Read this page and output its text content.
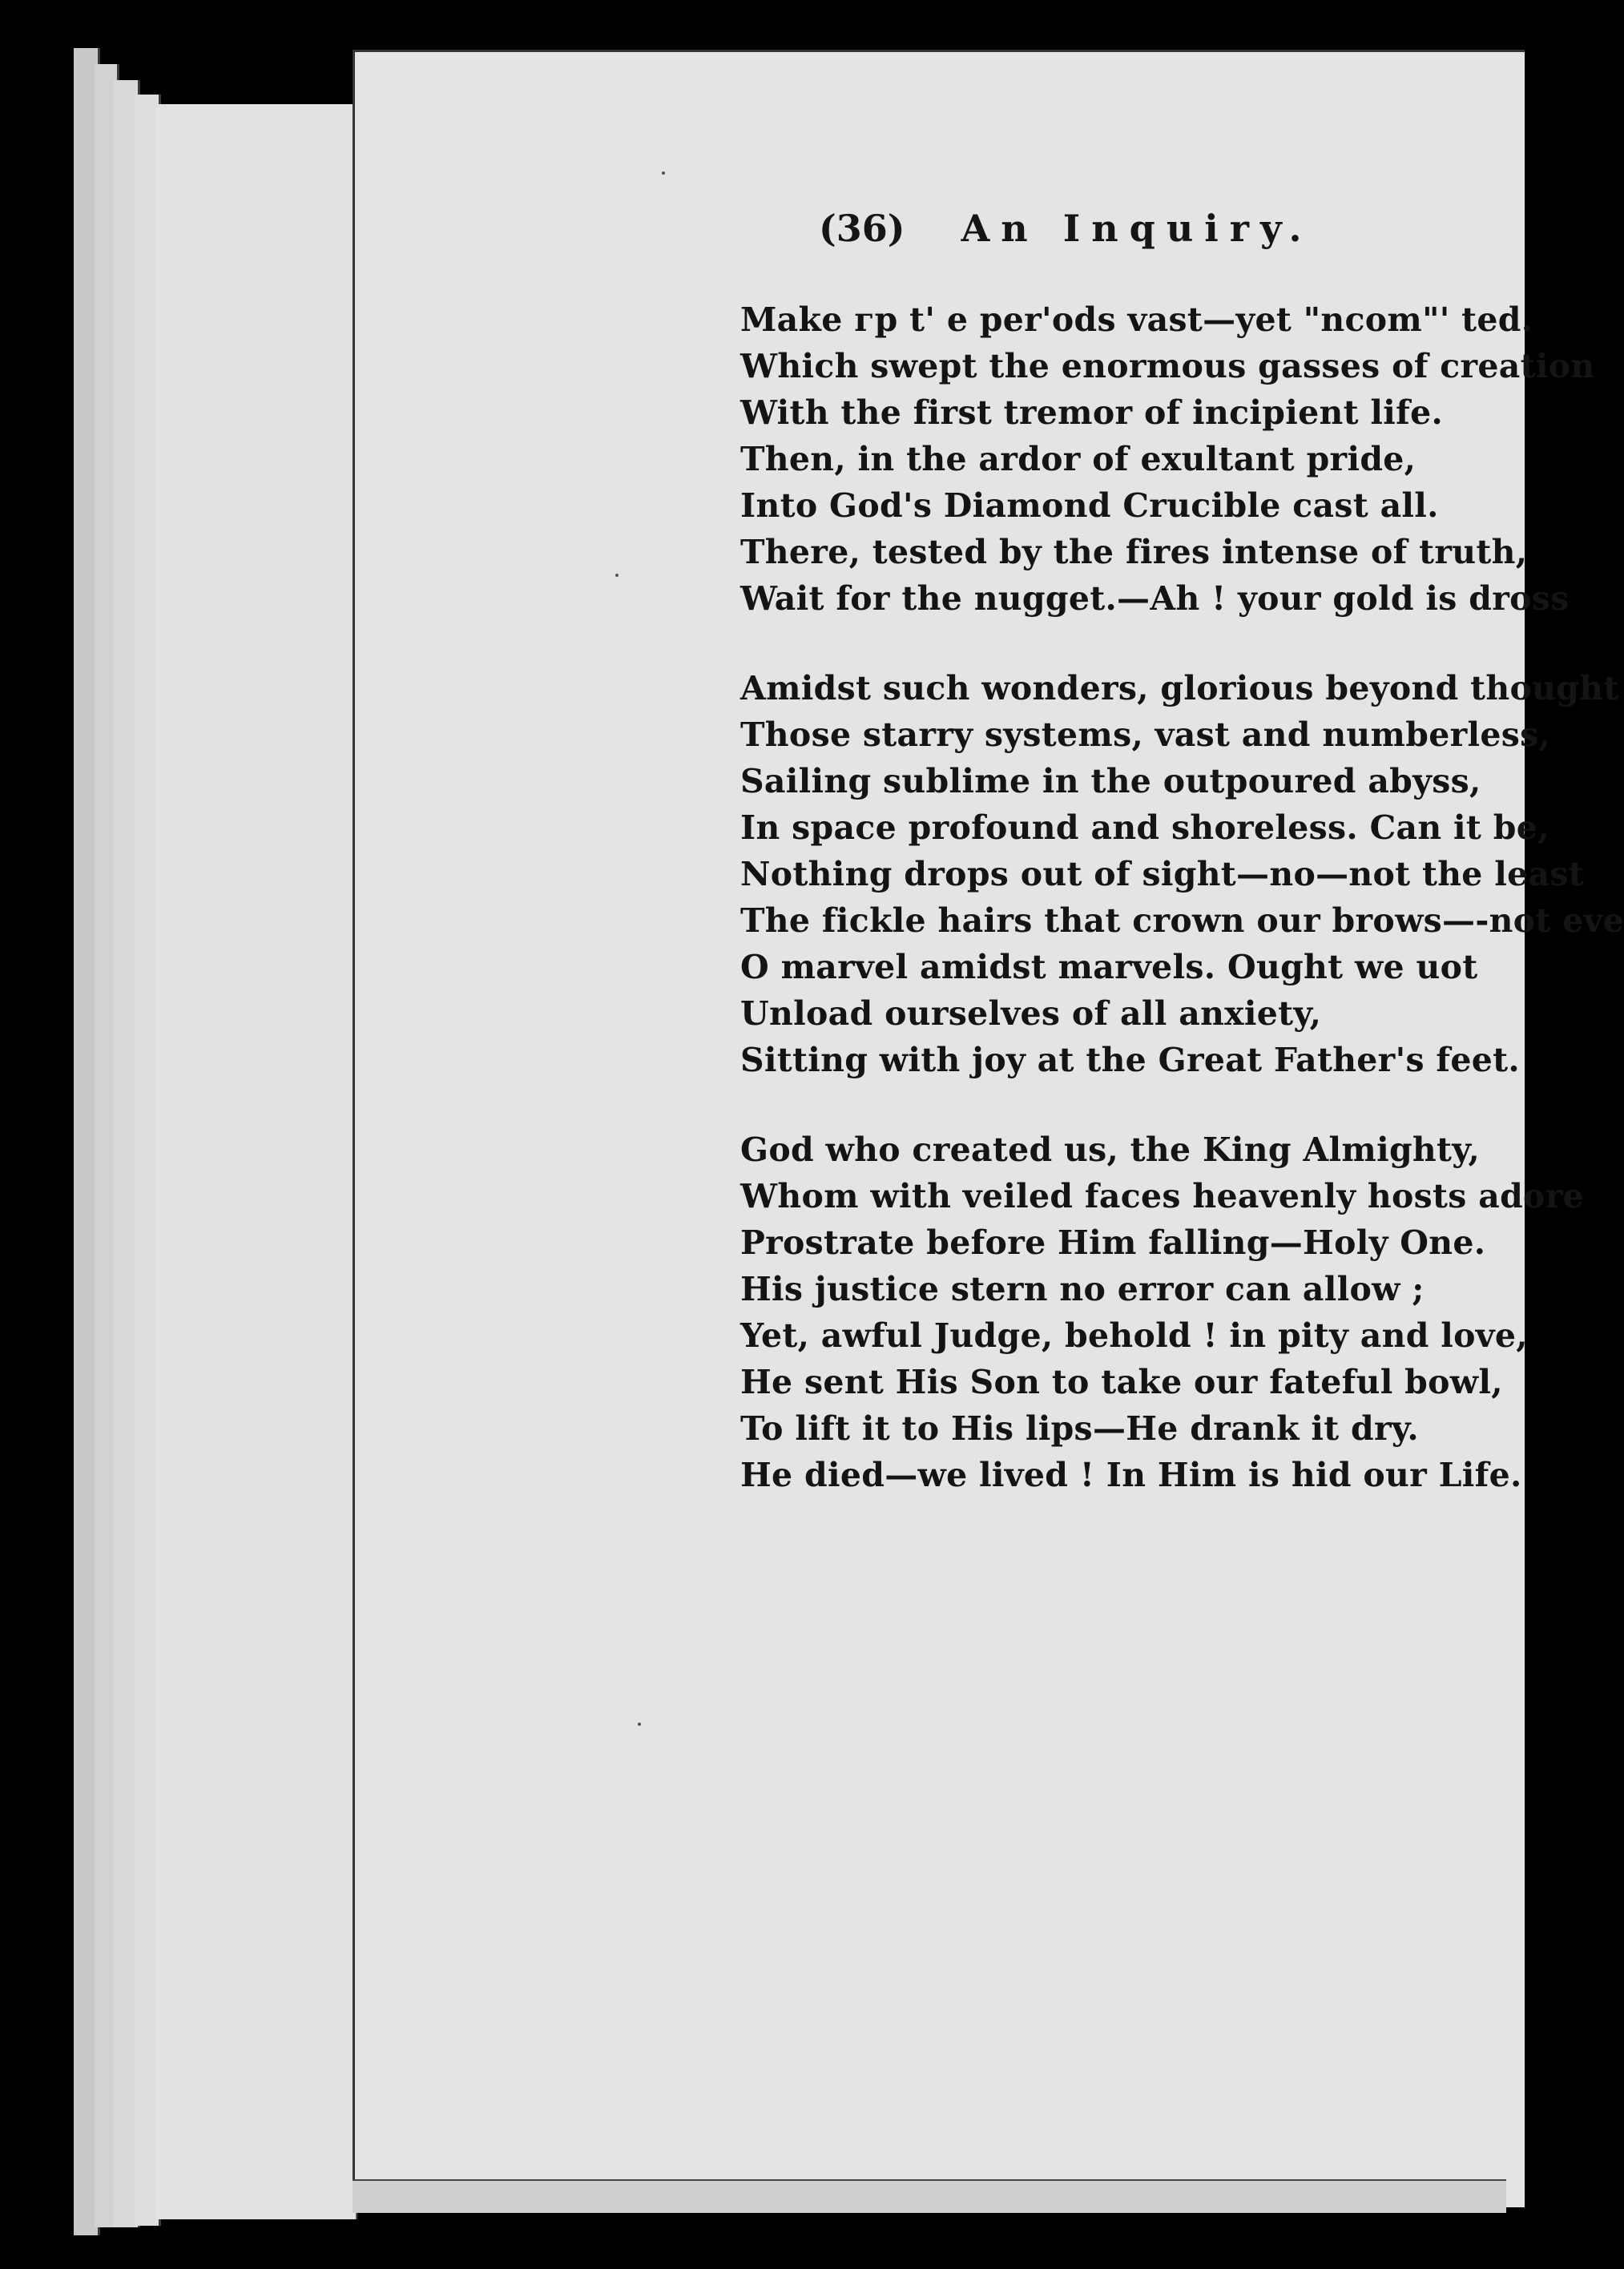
(36) An Inquiry.
Make гp t' e per'ods vast—yet "ncom"' ted.
Which swept the enormous gasses of creation
With the first tremor of incipient life.
Then, in the ardor of exultant pride,
Into God's Diamond Crucible cast all.
There, tested by the fires intense of truth,
Wait for the nugget.—Ah ! your gold is dross
Amidst such wonders, glorious beyond thought
Those starry systems, vast and numberless,
Sailing sublime in the outpoured abyss,
In space profound and shoreless. Can it be,
Nothing drops out of sight—no—not the least
The fickle hairs that crown our brows—-not eve
O marvel amidst marvels. Ought we uot
Unload ourselves of all anxiety,
Sitting with joy at the Great Father's feet.
God who created us, the King Almighty,
Whom with veiled faces heavenly hosts adore
Prostrate before Him falling—Holy One.
His justice stern no error can allow ;
Yet, awful Judge, behold ! in pity and love,
He sent His Son to take our fateful bowl,
To lift it to His lips—He drank it dry.
He died—we lived ! In Him is hid our Life.
